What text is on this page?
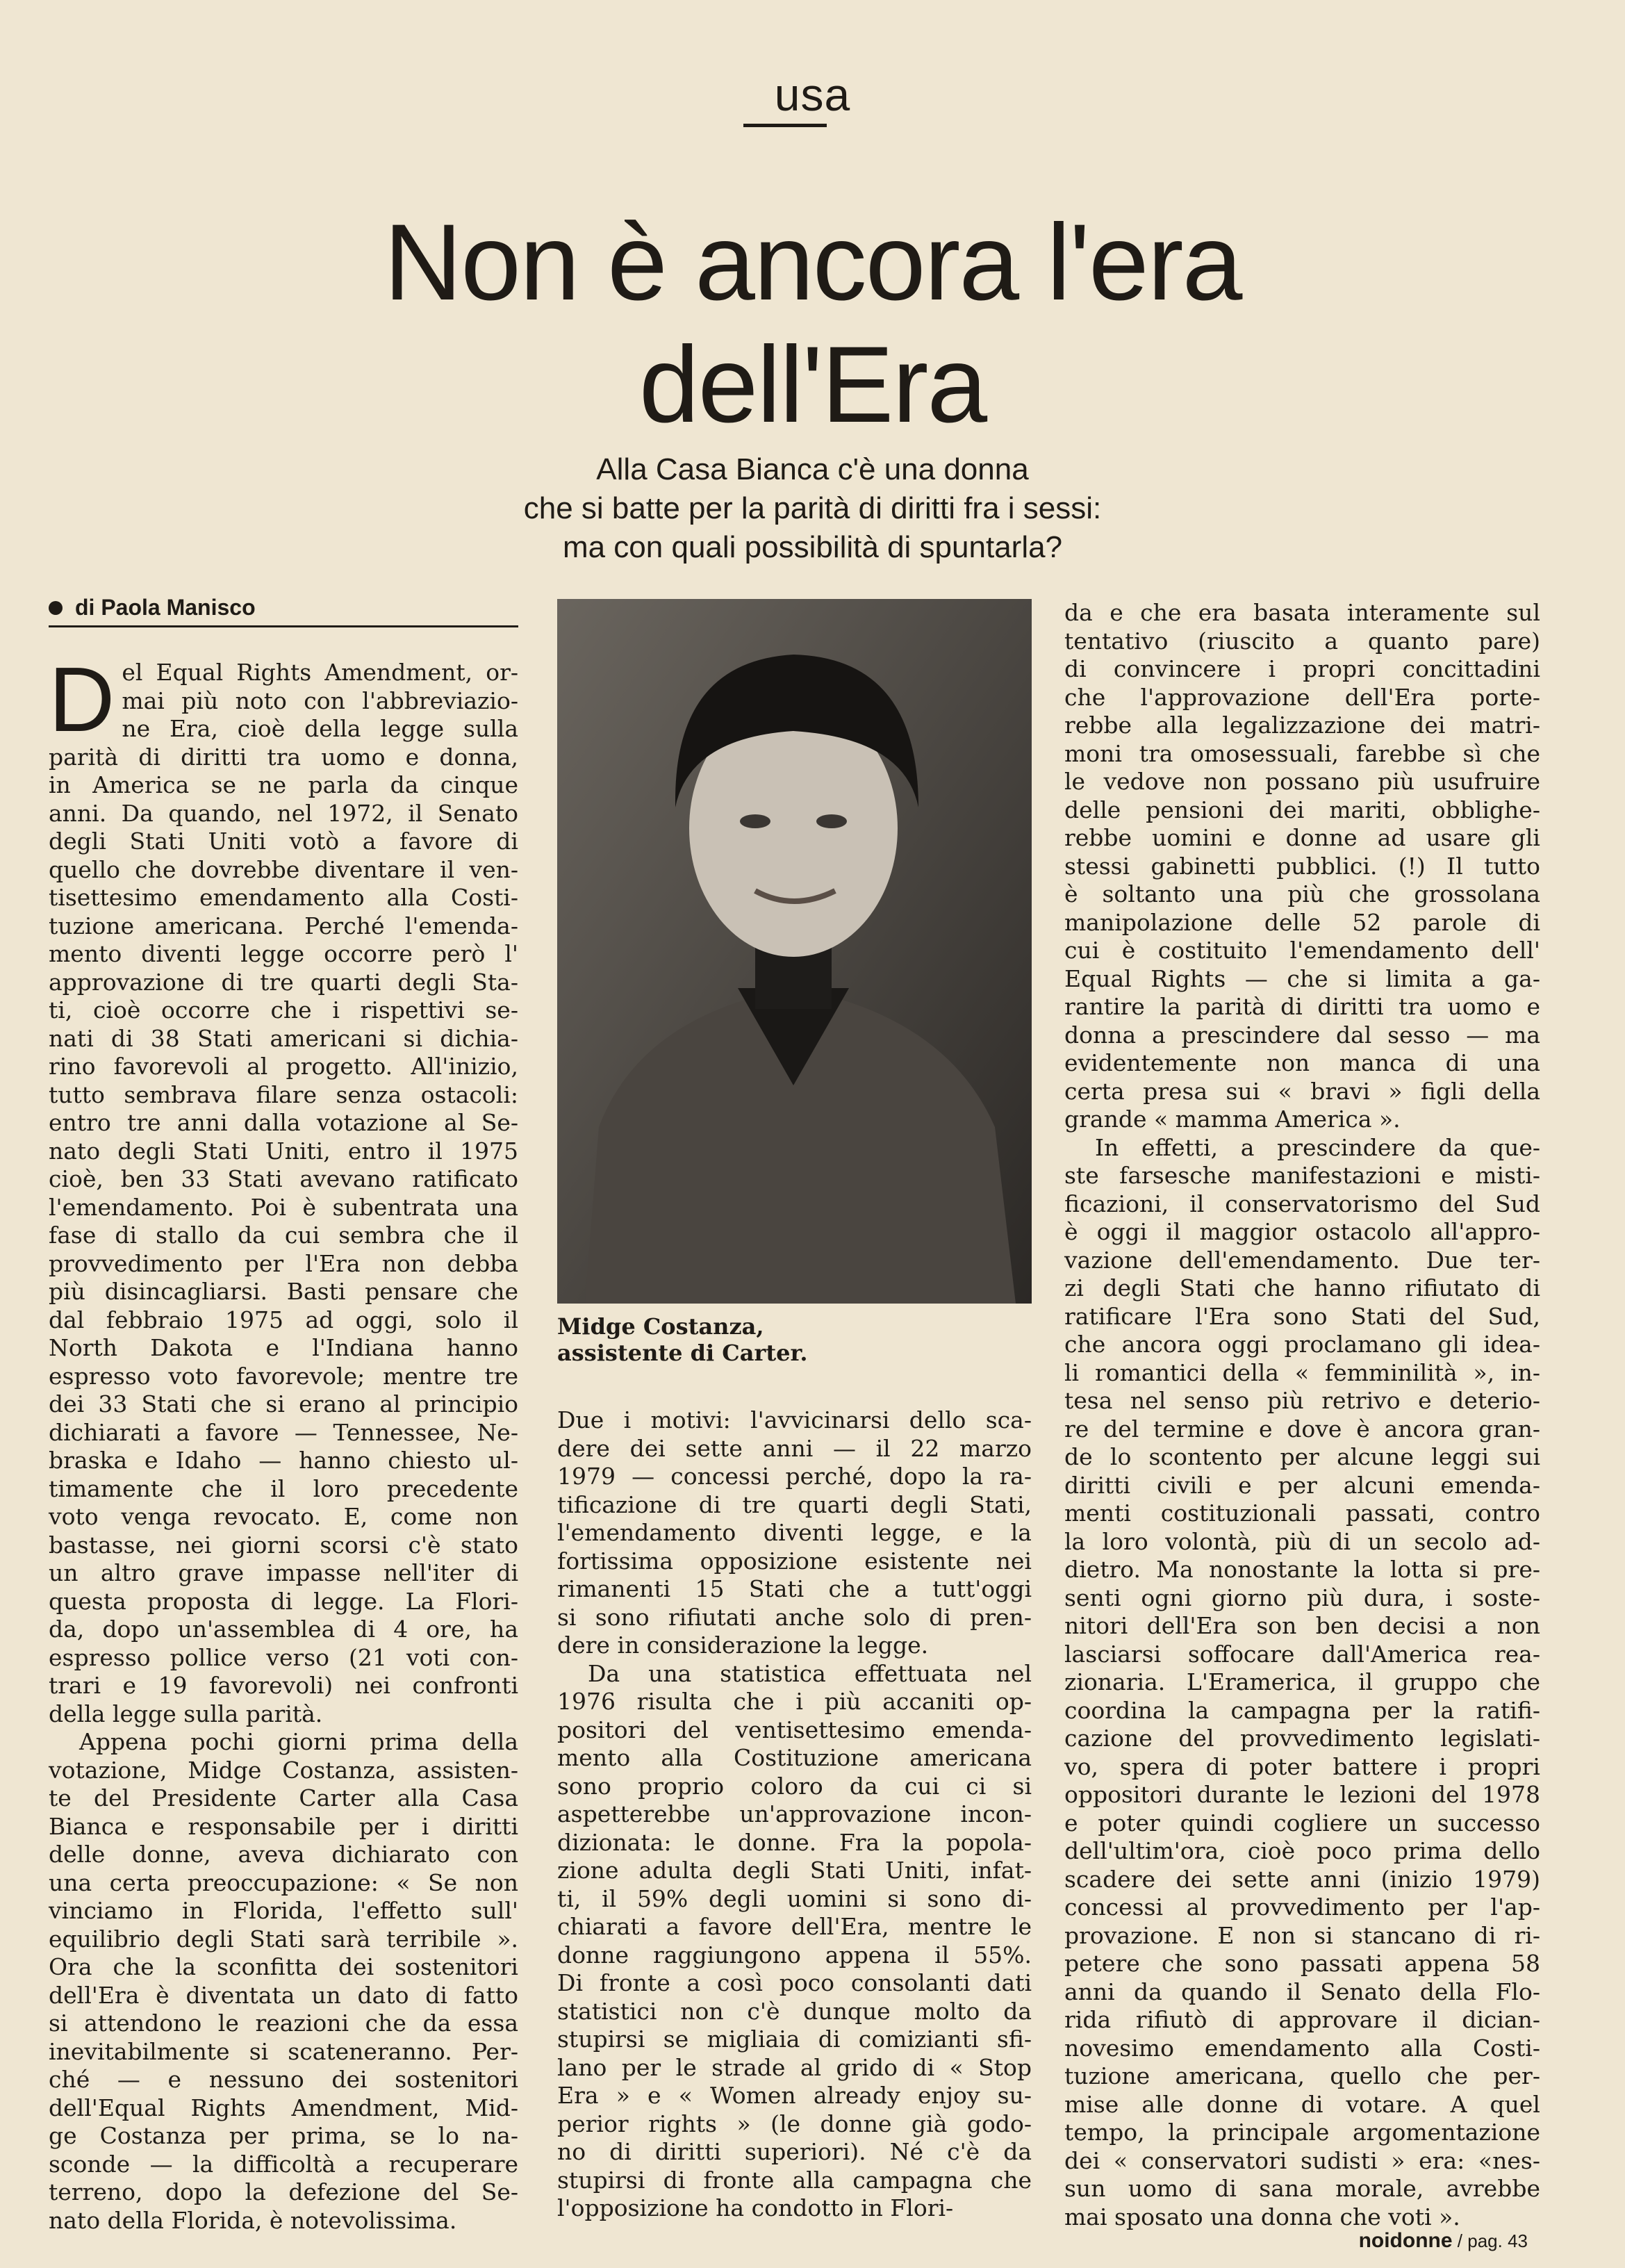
usa
Non è ancora l'era
dell'Era
Alla Casa Bianca c'è una donna
che si batte per la parità di diritti fra i sessi:
ma con quali possibilità di spuntarla?
di Paola Manisco
D el Equal Rights Amendment, or-
mai più noto con l'abbreviazio-
ne Era, cioè della legge sulla
parità di diritti tra uomo e donna,
in America se ne parla da cinque
anni. Da quando, nel 1972, il Senato
degli Stati Uniti votò a favore di
quello che dovrebbe diventare il ven-
tisettesimo emendamento alla Costi-
tuzione americana. Perché l'emenda-
mento diventi legge occorre però l'
approvazione di tre quarti degli Sta-
ti, cioè occorre che i rispettivi se-
nati di 38 Stati americani si dichia-
rino favorevoli al progetto. All'inizio,
tutto sembrava filare senza ostacoli:
entro tre anni dalla votazione al Se-
nato degli Stati Uniti, entro il 1975
cioè, ben 33 Stati avevano ratificato
l'emendamento. Poi è subentrata una
fase di stallo da cui sembra che il
provvedimento per l'Era non debba
più disincagliarsi. Basti pensare che
dal febbraio 1975 ad oggi, solo il
North Dakota e l'Indiana hanno
espresso voto favorevole; mentre tre
dei 33 Stati che si erano al principio
dichiarati a favore — Tennessee, Ne-
braska e Idaho — hanno chiesto ul-
timamente che il loro precedente
voto venga revocato. E, come non
bastasse, nei giorni scorsi c'è stato
un altro grave impasse nell'iter di
questa proposta di legge. La Flori-
da, dopo un'assemblea di 4 ore, ha
espresso pollice verso (21 voti con-
trari e 19 favorevoli) nei confronti
della legge sulla parità.
Appena pochi giorni prima della
votazione, Midge Costanza, assisten-
te del Presidente Carter alla Casa
Bianca e responsabile per i diritti
delle donne, aveva dichiarato con
una certa preoccupazione: « Se non
vinciamo in Florida, l'effetto sull'
equilibrio degli Stati sarà terribile ».
Ora che la sconfitta dei sostenitori
dell'Era è diventata un dato di fatto
si attendono le reazioni che da essa
inevitabilmente si scateneranno. Per-
ché — e nessuno dei sostenitori
dell'Equal Rights Amendment, Mid-
ge Costanza per prima, se lo na-
sconde — la difficoltà a recuperare
terreno, dopo la defezione del Se-
nato della Florida, è notevolissima.
Midge Costanza,
assistente di Carter.
Due i motivi: l'avvicinarsi dello sca-
dere dei sette anni — il 22 marzo
1979 — concessi perché, dopo la ra-
tificazione di tre quarti degli Stati,
l'emendamento diventi legge, e la
fortissima opposizione esistente nei
rimanenti 15 Stati che a tutt'oggi
si sono rifiutati anche solo di pren-
dere in considerazione la legge.
Da una statistica effettuata nel
1976 risulta che i più accaniti op-
positori del ventisettesimo emenda-
mento alla Costituzione americana
sono proprio coloro da cui ci si
aspetterebbe un'approvazione incon-
dizionata: le donne. Fra la popola-
zione adulta degli Stati Uniti, infat-
ti, il 59% degli uomini si sono di-
chiarati a favore dell'Era, mentre le
donne raggiungono appena il 55%.
Di fronte a così poco consolanti dati
statistici non c'è dunque molto da
stupirsi se migliaia di comizianti sfi-
lano per le strade al grido di « Stop
Era » e « Women already enjoy su-
perior rights » (le donne già godo-
no di diritti superiori). Né c'è da
stupirsi di fronte alla campagna che
l'opposizione ha condotto in Flori-
da e che era basata interamente sul
tentativo (riuscito a quanto pare)
di convincere i propri concittadini
che l'approvazione dell'Era porte-
rebbe alla legalizzazione dei matri-
moni tra omosessuali, farebbe sì che
le vedove non possano più usufruire
delle pensioni dei mariti, obblighe-
rebbe uomini e donne ad usare gli
stessi gabinetti pubblici. (!) Il tutto
è soltanto una più che grossolana
manipolazione delle 52 parole di
cui è costituito l'emendamento dell'
Equal Rights — che si limita a ga-
rantire la parità di diritti tra uomo e
donna a prescindere dal sesso — ma
evidentemente non manca di una
certa presa sui « bravi » figli della
grande « mamma America ».
In effetti, a prescindere da que-
ste farsesche manifestazioni e misti-
ficazioni, il conservatorismo del Sud
è oggi il maggior ostacolo all'appro-
vazione dell'emendamento. Due ter-
zi degli Stati che hanno rifiutato di
ratificare l'Era sono Stati del Sud,
che ancora oggi proclamano gli idea-
li romantici della « femminilità », in-
tesa nel senso più retrivo e deterio-
re del termine e dove è ancora gran-
de lo scontento per alcune leggi sui
diritti civili e per alcuni emenda-
menti costituzionali passati, contro
la loro volontà, più di un secolo ad-
dietro. Ma nonostante la lotta si pre-
senti ogni giorno più dura, i soste-
nitori dell'Era son ben decisi a non
lasciarsi soffocare dall'America rea-
zionaria. L'Eramerica, il gruppo che
coordina la campagna per la ratifi-
cazione del provvedimento legislati-
vo, spera di poter battere i propri
oppositori durante le lezioni del 1978
e poter quindi cogliere un successo
dell'ultim'ora, cioè poco prima dello
scadere dei sette anni (inizio 1979)
concessi al provvedimento per l'ap-
provazione. E non si stancano di ri-
petere che sono passati appena 58
anni da quando il Senato della Flo-
rida rifiutò di approvare il dician-
novesimo emendamento alla Costi-
tuzione americana, quello che per-
mise alle donne di votare. A quel
tempo, la principale argomentazione
dei « conservatori sudisti » era: «nes-
sun uomo di sana morale, avrebbe
mai sposato una donna che voti ».
noidonne / pag. 43
